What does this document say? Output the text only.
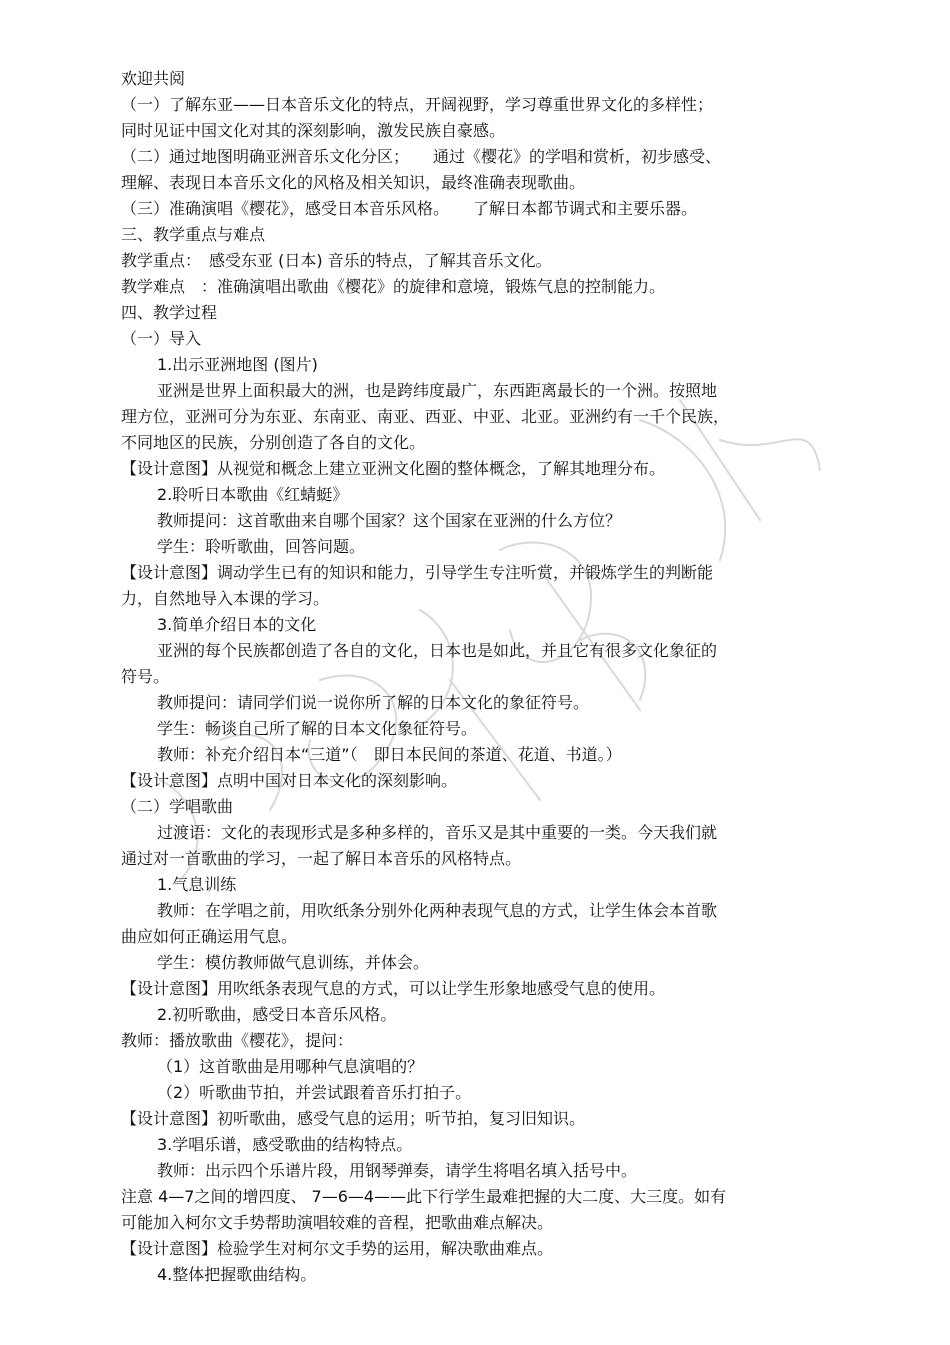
欢迎共阅

（一）了解东亚——日本音乐文化的特点，开阔视野，学习尊重世界文化的多样性；

同时见证中国文化对其的深刻影响，激发民族自豪感。

（二）通过地图明确亚洲音乐文化分区；　　通过《樱花》的学唱和赏析，初步感受、

理解、表现日本音乐文化的风格及相关知识，最终准确表现歌曲。

（三）准确演唱《樱花》，感受日本音乐风格。　　了解日本都节调式和主要乐器。

三、教学重点与难点

教学重点：　感受东亚 (日本) 音乐的特点，了解其音乐文化。

教学难点　：准确演唱出歌曲《樱花》的旋律和意境，锻炼气息的控制能力。

四、教学过程

（一）导入

1.出示亚洲地图 (图片)

亚洲是世界上面积最大的洲，也是跨纬度最广，东西距离最长的一个洲。按照地

理方位，亚洲可分为东亚、东南亚、南亚、西亚、中亚、北亚。亚洲约有一千个民族，

不同地区的民族，分别创造了各自的文化。

【设计意图】从视觉和概念上建立亚洲文化圈的整体概念，了解其地理分布。

2.聆听日本歌曲《红蜻蜓》

教师提问：这首歌曲来自哪个国家？这个国家在亚洲的什么方位？

学生：聆听歌曲，回答问题。

【设计意图】调动学生已有的知识和能力，引导学生专注听赏，并锻炼学生的判断能

力，自然地导入本课的学习。

3.简单介绍日本的文化

亚洲的每个民族都创造了各自的文化，日本也是如此，并且它有很多文化象征的

符号。

教师提问：请同学们说一说你所了解的日本文化的象征符号。

学生：畅谈自己所了解的日本文化象征符号。

教师：补充介绍日本“三道”（　即日本民间的茶道、花道、书道。）

【设计意图】点明中国对日本文化的深刻影响。

（二）学唱歌曲

过渡语：文化的表现形式是多种多样的，音乐又是其中重要的一类。今天我们就

通过对一首歌曲的学习，一起了解日本音乐的风格特点。

1.气息训练

教师：在学唱之前，用吹纸条分别外化两种表现气息的方式，让学生体会本首歌

曲应如何正确运用气息。

学生：模仿教师做气息训练，并体会。

【设计意图】用吹纸条表现气息的方式，可以让学生形象地感受气息的使用。

2.初听歌曲，感受日本音乐风格。

教师：播放歌曲《樱花》，提问：

（1）这首歌曲是用哪种气息演唱的？

（2）听歌曲节拍，并尝试跟着音乐打拍子。

【设计意图】初听歌曲，感受气息的运用；听节拍，复习旧知识。

3.学唱乐谱，感受歌曲的结构特点。

教师：出示四个乐谱片段，用钢琴弹奏，请学生将唱名填入括号中。

注意 4—7之间的增四度、 7—6—4——此下行学生最难把握的大二度、大三度。如有

可能加入柯尔文手势帮助演唱较难的音程，把歌曲难点解决。

【设计意图】检验学生对柯尔文手势的运用，解决歌曲难点。

4.整体把握歌曲结构。
